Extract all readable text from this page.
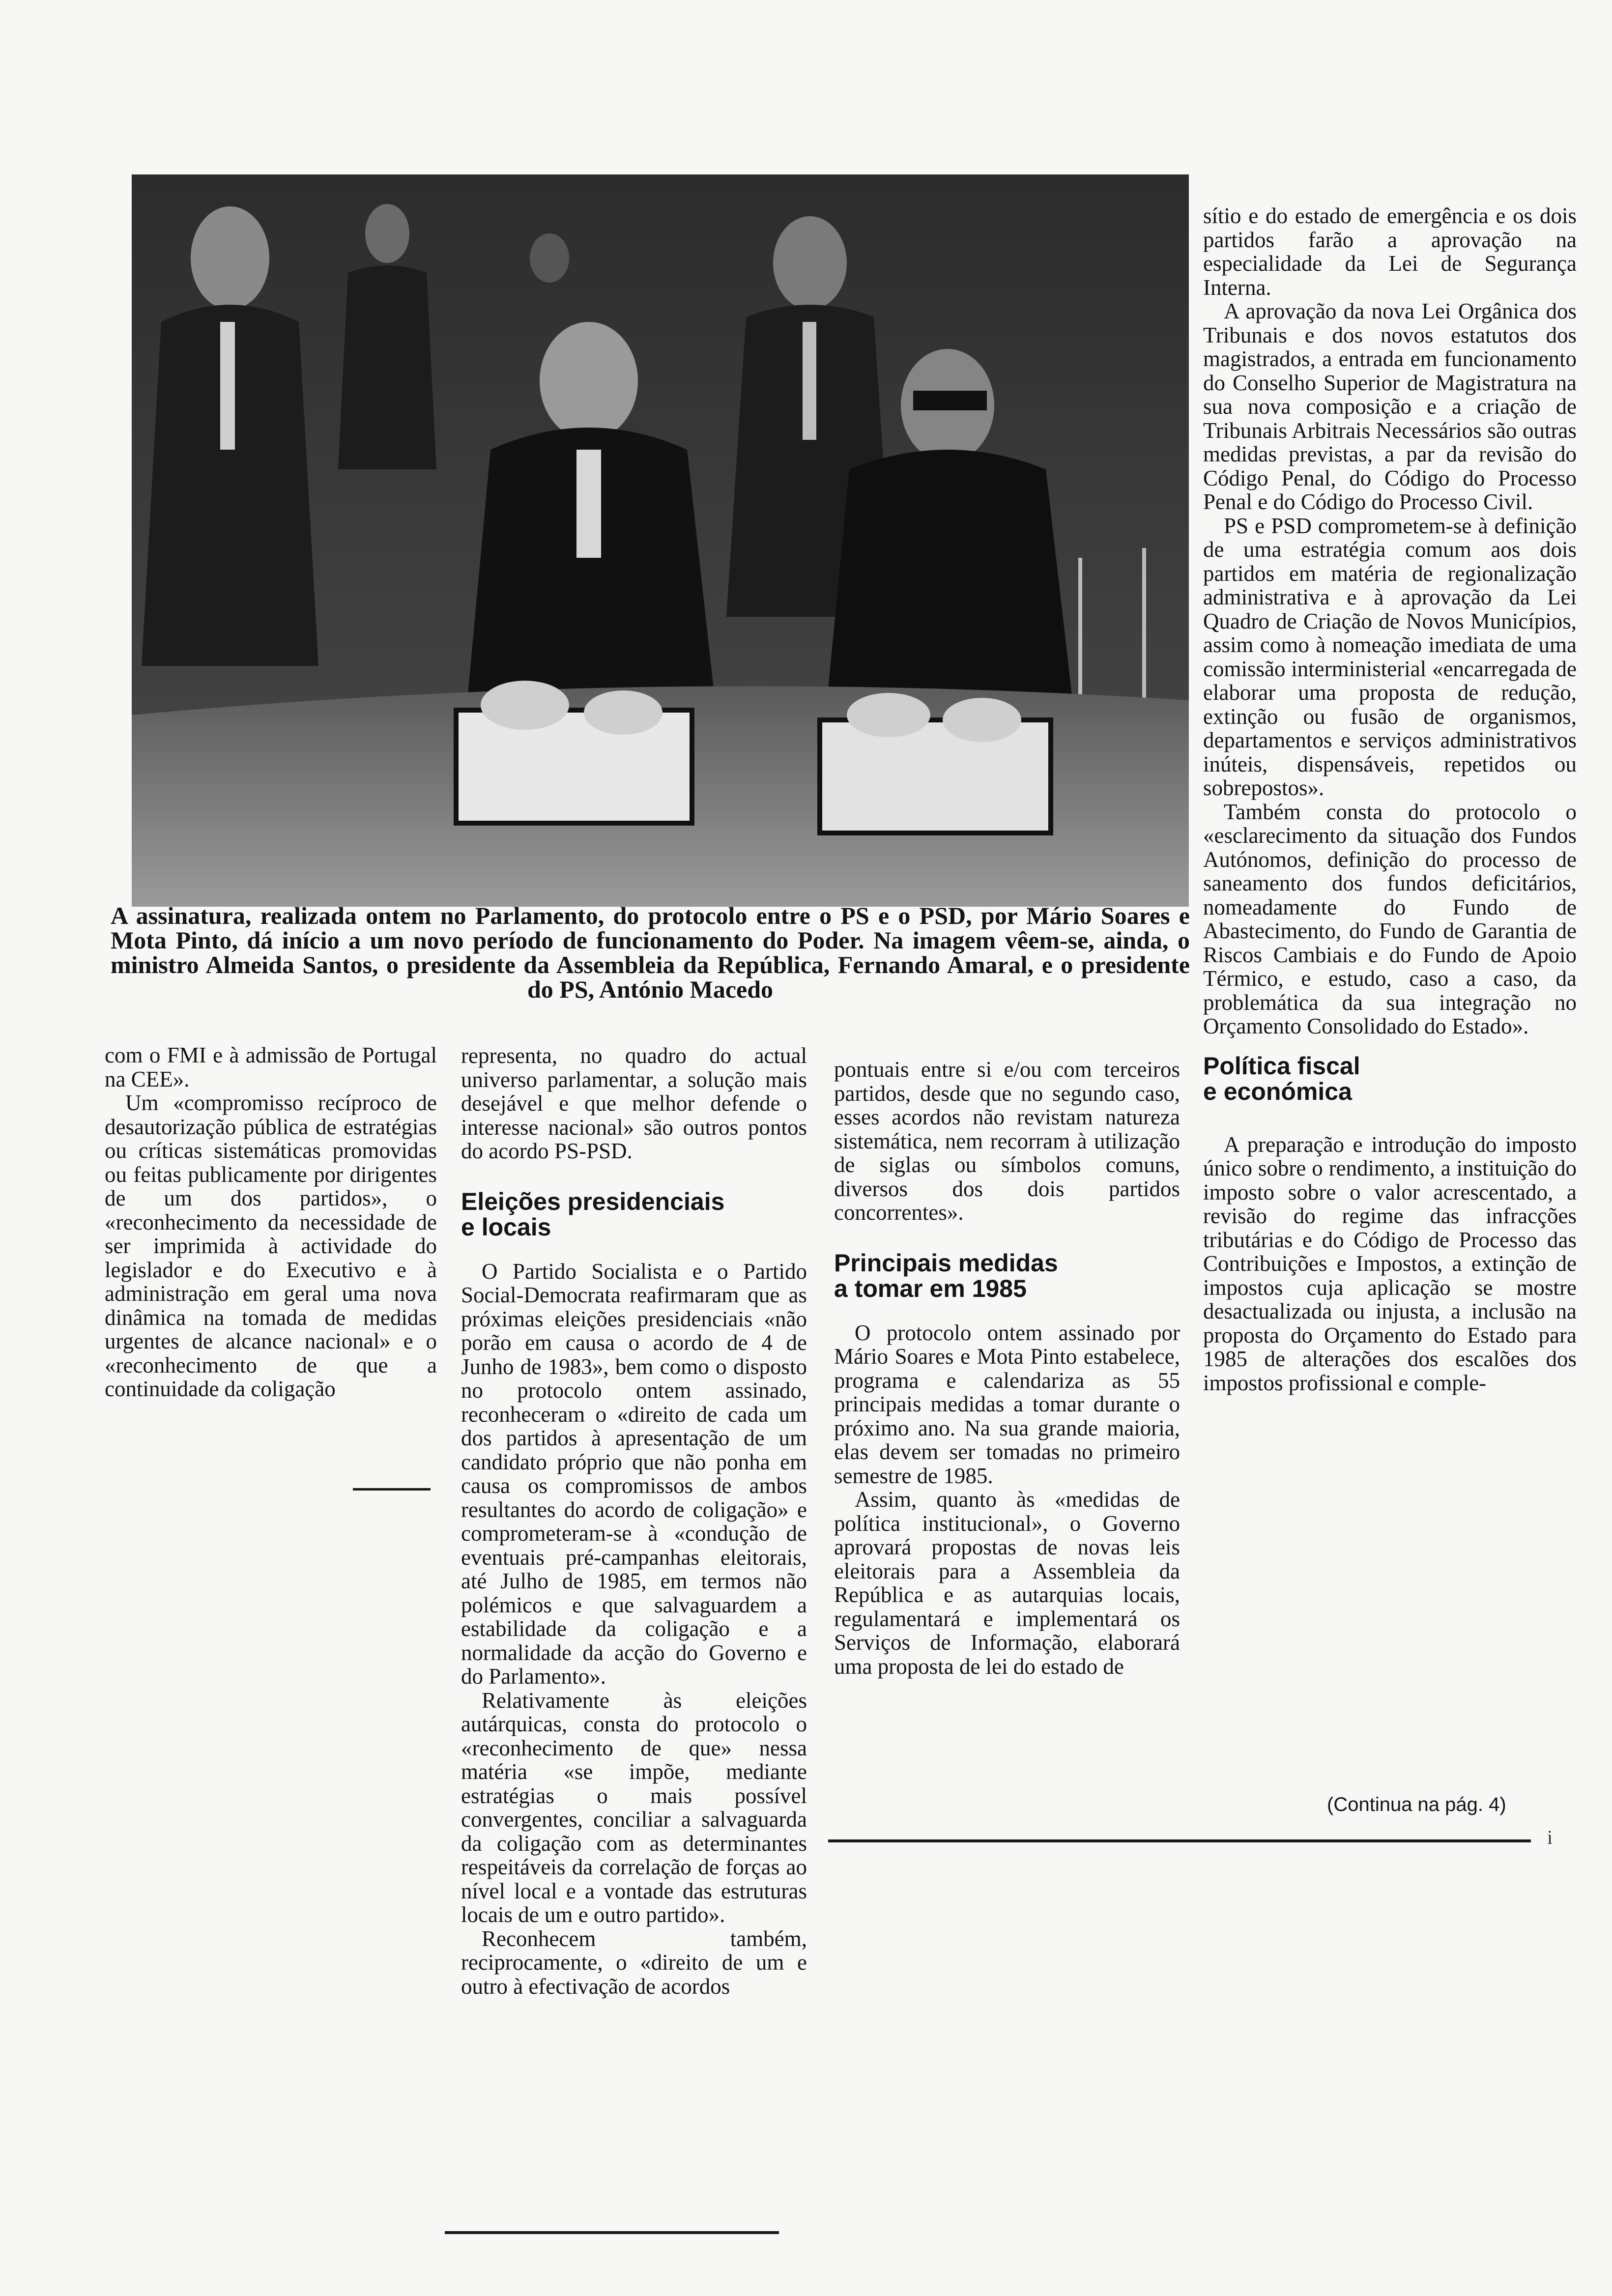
A assinatura, realizada ontem no Parlamento, do protocolo entre o PS e o PSD, por Mário Soares e Mota Pinto, dá início a um novo período de funcionamento do Poder. Na imagem vêem-se, ainda, o ministro Almeida Santos, o presidente da Assembleia da República, Fernando Amaral, e o presidente do PS, António Macedo

com o FMI e à admissão de Portugal na CEE».

Um «compromisso recíproco de desautorização pública de estratégias ou críticas sistemáticas promovidas ou feitas publicamente por dirigentes de um dos partidos», o «reconhecimento da necessidade de ser imprimida à actividade do legislador e do Executivo e à administração em geral uma nova dinâmica na tomada de medidas urgentes de alcance nacional» e o «reconhecimento de que a continuidade da coligação

representa, no quadro do actual universo parlamentar, a solução mais desejável e que melhor defende o interesse nacional» são outros pontos do acordo PS-PSD.

Eleições presidenciais
e locais

O Partido Socialista e o Partido Social-Democrata reafirmaram que as próximas eleições presidenciais «não porão em causa o acordo de 4 de Junho de 1983», bem como o disposto no protocolo ontem assinado, reconheceram o «direito de cada um dos partidos à apresentação de um candidato próprio que não ponha em causa os compromissos de ambos resultantes do acordo de coligação» e comprometeram-se à «condução de eventuais pré-campanhas eleitorais, até Julho de 1985, em termos não polémicos e que salvaguardem a estabilidade da coligação e a normalidade da acção do Governo e do Parlamento».

Relativamente às eleições autárquicas, consta do protocolo o «reconhecimento de que» nessa matéria «se impõe, mediante estratégias o mais possível convergentes, conciliar a salvaguarda da coligação com as determinantes respeitáveis da correlação de forças ao nível local e a vontade das estruturas locais de um e outro partido».

Reconhecem também, reciprocamente, o «direito de um e outro à efectivação de acordos

pontuais entre si e/ou com terceiros partidos, desde que no segundo caso, esses acordos não revistam natureza sistemática, nem recorram à utilização de siglas ou símbolos comuns, diversos dos dois partidos concorrentes».

Principais medidas
a tomar em 1985

O protocolo ontem assinado por Mário Soares e Mota Pinto estabelece, programa e calendariza as 55 principais medidas a tomar durante o próximo ano. Na sua grande maioria, elas devem ser tomadas no primeiro semestre de 1985.

Assim, quanto às «medidas de política institucional», o Governo aprovará propostas de novas leis eleitorais para a Assembleia da República e as autarquias locais, regulamentará e implementará os Serviços de Informação, elaborará uma proposta de lei do estado de

sítio e do estado de emergência e os dois partidos farão a aprovação na especialidade da Lei de Segurança Interna.

A aprovação da nova Lei Orgânica dos Tribunais e dos novos estatutos dos magistrados, a entrada em funcionamento do Conselho Superior de Magistratura na sua nova composição e a criação de Tribunais Arbitrais Necessários são outras medidas previstas, a par da revisão do Código Penal, do Código do Processo Penal e do Código do Processo Civil.

PS e PSD comprometem-se à definição de uma estratégia comum aos dois partidos em matéria de regionalização administrativa e à aprovação da Lei Quadro de Criação de Novos Municípios, assim como à nomeação imediata de uma comissão interministerial «encarregada de elaborar uma proposta de redução, extinção ou fusão de organismos, departamentos e serviços administrativos inúteis, dispensáveis, repetidos ou sobrepostos».

Também consta do protocolo o «esclarecimento da situação dos Fundos Autónomos, definição do processo de saneamento dos fundos deficitários, nomeadamente do Fundo de Abastecimento, do Fundo de Garantia de Riscos Cambiais e do Fundo de Apoio Térmico, e estudo, caso a caso, da problemática da sua integração no Orçamento Consolidado do Estado».

Política fiscal
e económica

A preparação e introdução do imposto único sobre o rendimento, a instituição do imposto sobre o valor acrescentado, a revisão do regime das infracções tributárias e do Código de Processo das Contribuições e Impostos, a extinção de impostos cuja aplicação se mostre desactualizada ou injusta, a inclusão na proposta do Orçamento do Estado para 1985 de alterações dos escalões dos impostos profissional e comple-

(Continua na pág. 4)
i
